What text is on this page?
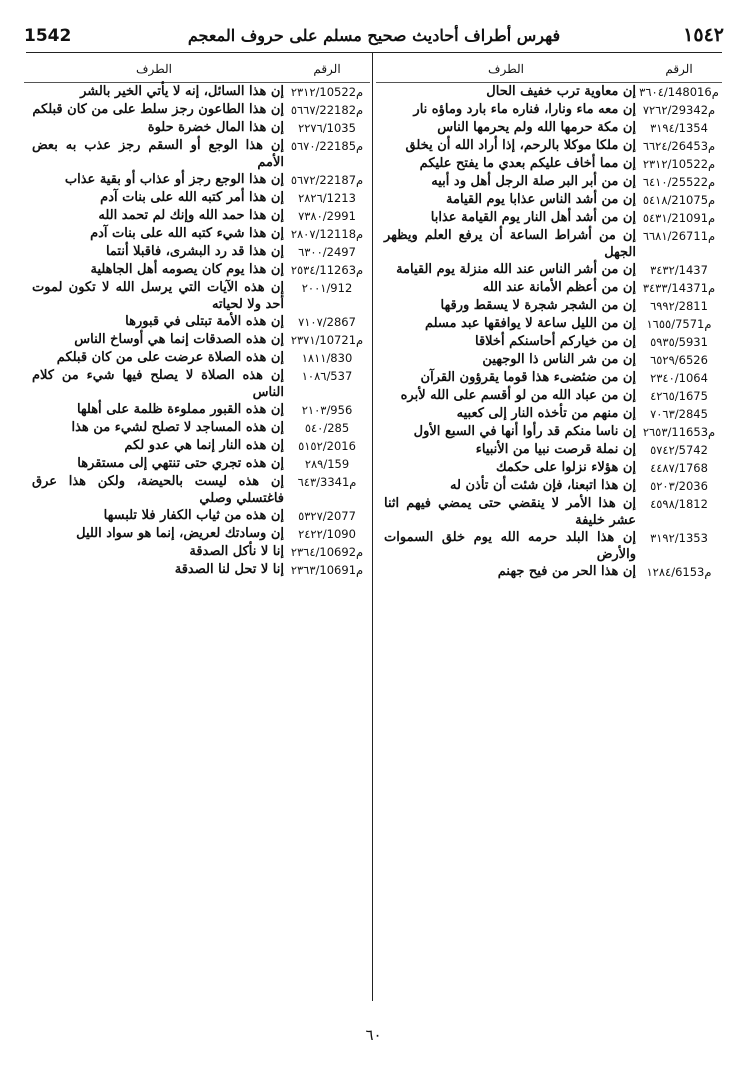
1542	فهرس أطراف أحاديث صحيح مسلم على حروف المعجم	١٥٤٢
الرقم
الطرف
٣٦٠٤/1480م16
إن معاوية ترب خفيف الحال
٧٢٦٢/2934م2
إن معه ماء ونارا، فناره ماء بارد وماؤه نار
٣١٩٤/1354
إن مكة حرمها الله ولم يحرمها الناس
٦٦٢٤/2645م3
إن ملكا موكلا بالرحم، إذا أراد الله أن يخلق
٢٣١٢/1052م2
إن مما أخاف عليكم بعدي ما يفتح عليكم
٦٤١٠/2552م2
إن من أبر البر صلة الرجل أهل ود أبيه
٥٤١٨/2107م5
إن من أشد الناس عذابا يوم القيامة
٥٤٣١/2109م1
إن من أشد أهل النار يوم القيامة عذابا
٦٦٨١/2671م1
إن من أشراط الساعة أن يرفع العلم ويظهر الجهل
٣٤٣٢/1437
إن من أشر الناس عند الله منزلة يوم القيامة
٣٤٣٣/1437م1
إن من أعظم الأمانة عند الله
٦٩٩٢/2811
إن من الشجر شجرة لا يسقط ورقها
١٦٥٥/757م1
إن من الليل ساعة لا يوافقها عبد مسلم
٥٩٣٥/5931
إن من خياركم أحاسنكم أخلاقا
٦٥٢٩/6526
إن من شر الناس ذا الوجهين
٢٣٤٠/1064
إن من ضئضىء هذا قوما يقرؤون القرآن
٤٢٦٥/1675
إن من عباد الله من لو أقسم على الله لأبره
٧٠٦٣/2845
إن منهم من تأخذه النار إلى كعبيه
٢٦٥٣/1165م3
إن ناسا منكم قد رأوا أنها في السبع الأول
٥٧٤٢/5742
إن نملة قرصت نبيا من الأنبياء
٤٤٨٧/1768
إن هؤلاء نزلوا على حكمك
٥٢٠٣/2036
إن هذا اتبعنا، فإن شئت أن تأذن له
٤٥٩٨/1812
إن هذا الأمر لا ينقضي حتى يمضي فيهم اثنا عشر خليفة
٣١٩٢/1353
إن هذا البلد حرمه الله يوم خلق السموات والأرض
١٢٨٤/615م3
إن هذا الحر من فيح جهنم
الرقم
الطرف
٢٣١٢/1052م2
إن هذا السائل، إنه لا يأتي الخير بالشر
٥٦٦٧/2218م2
إن هذا الطاعون رجز سلط على من كان قبلكم
٢٢٧٦/1035
إن هذا المال خضرة حلوة
٥٦٧٠/2218م5
إن هذا الوجع أو السقم رجز عذب به بعض الأمم
٥٦٧٢/2218م7
إن هذا الوجع رجز أو عذاب أو بقية عذاب
٢٨٢٦/1213
إن هذا أمر كتبه الله على بنات آدم
٧٣٨٠/2991
إن هذا حمد الله وإنك لم تحمد الله
٢٨٠٧/1211م8
إن هذا شيء كتبه الله على بنات آدم
٦٣٠٠/2497
إن هذا قد رد البشرى، فاقبلا أنتما
٢٥٣٤/1126م3
إن هذا يوم كان يصومه أهل الجاهلية
٢٠٠١/912
إن هذه الآيات التي يرسل الله لا تكون لموت أحد ولا لحياته
٧١٠٧/2867
إن هذه الأمة تبتلى في قبورها
٢٣٧١/1072م1
إن هذه الصدقات إنما هي أوساخ الناس
١٨١١/830
إن هذه الصلاة عرضت على من كان قبلكم
١٠٨٦/537
إن هذه الصلاة لا يصلح فيها شيء من كلام الناس
٢١٠٣/956
إن هذه القبور مملوءة ظلمة على أهلها
٥٤٠/285
إن هذه المساجد لا تصلح لشيء من هذا
٥١٥٢/2016
إن هذه النار إنما هي عدو لكم
٢٨٩/159
إن هذه تجري حتى تنتهي إلى مستقرها
٦٤٣/334م1
إن هذه ليست بالحيضة، ولكن هذا عرق فاغتسلي وصلي
٥٣٢٧/2077
إن هذه من ثياب الكفار فلا تلبسها
٢٤٢٢/1090
إن وسادتك لعريض، إنما هو سواد الليل
٢٣٦٤/1069م2
إنا لا نأكل الصدقة
٢٣٦٣/1069م1
إنا لا تحل لنا الصدقة
٦٠
